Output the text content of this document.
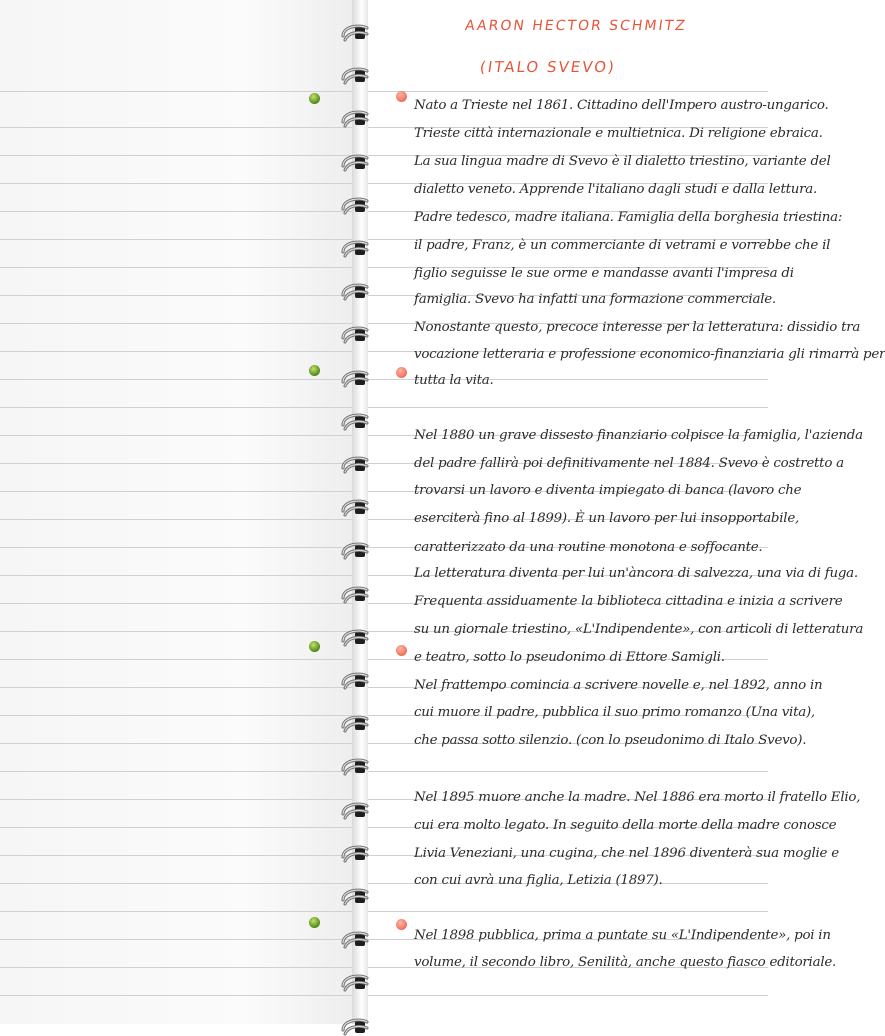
AARON HECTOR SCHMITZ
(ITALO SVEVO)
Nato a Trieste nel 1861. Cittadino dell'Impero austro-ungarico.
Trieste città internazionale e multietnica. Di religione ebraica.
La sua lingua madre di Svevo è il dialetto triestino, variante del
dialetto veneto. Apprende l'italiano dagli studi e dalla lettura.
Padre tedesco, madre italiana. Famiglia della borghesia triestina:
il padre, Franz, è un commerciante di vetrami e vorrebbe che il
figlio seguisse le sue orme e mandasse avanti l'impresa di
famiglia. Svevo ha infatti una formazione commerciale.
Nonostante questo, precoce interesse per la letteratura: dissidio tra
vocazione letteraria e professione economico-finanziaria gli rimarrà per
tutta la vita.
Nel 1880 un grave dissesto finanziario colpisce la famiglia, l'azienda
del padre fallirà poi definitivamente nel 1884. Svevo è costretto a
trovarsi un lavoro e diventa impiegato di banca (lavoro che
eserciterà fino al 1899). È un lavoro per lui insopportabile,
caratterizzato da una routine monotona e soffocante.
La letteratura diventa per lui un'àncora di salvezza, una via di fuga.
Frequenta assiduamente la biblioteca cittadina e inizia a scrivere
su un giornale triestino, «L'Indipendente», con articoli di letteratura
e teatro, sotto lo pseudonimo di Ettore Samigli.
Nel frattempo comincia a scrivere novelle e, nel 1892, anno in
cui muore il padre, pubblica il suo primo romanzo (Una vita),
che passa sotto silenzio. (con lo pseudonimo di Italo Svevo).
Nel 1895 muore anche la madre. Nel 1886 era morto il fratello Elio,
cui era molto legato. In seguito della morte della madre conosce
Livia Veneziani, una cugina, che nel 1896 diventerà sua moglie e
con cui avrà una figlia, Letizia (1897).
Nel 1898 pubblica, prima a puntate su «L'Indipendente», poi in
volume, il secondo libro, Senilità, anche questo fiasco editoriale.
